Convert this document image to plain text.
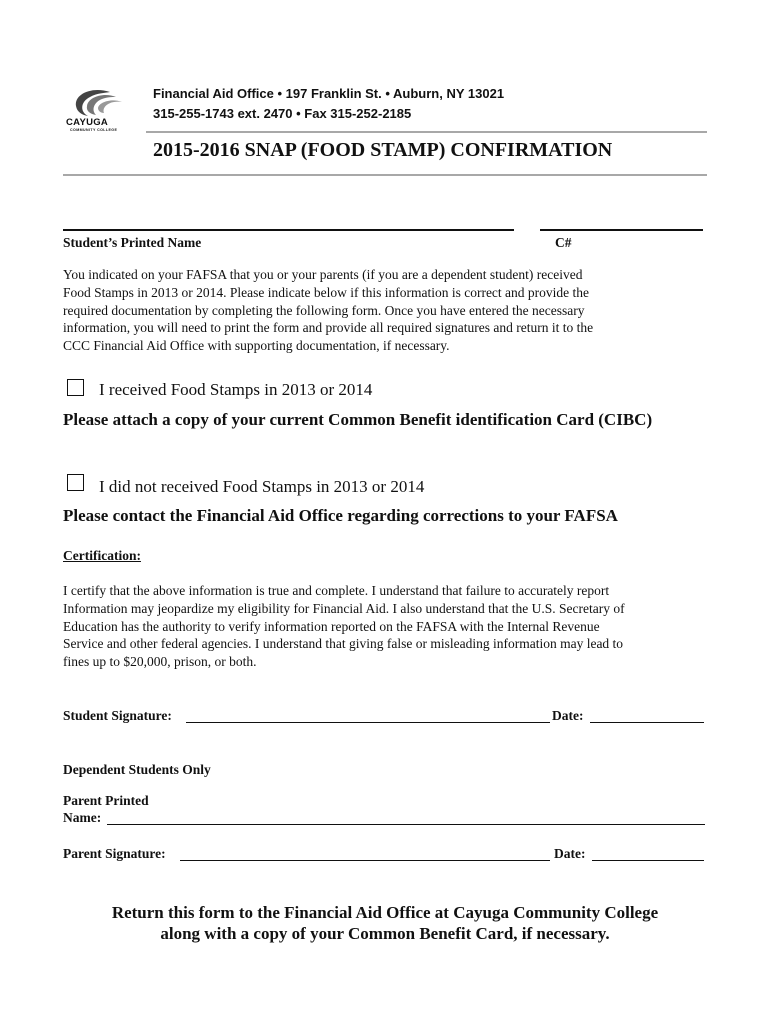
CAYUGA
COMMUNITY COLLEGE
Financial Aid Office • 197 Franklin St. • Auburn, NY 13021
315-255-1743 ext. 2470 • Fax 315-252-2185
2015-2016 SNAP (FOOD STAMP) CONFIRMATION
Student’s Printed Name	C#
You indicated on your FAFSA that you or your parents (if you are a dependent student) received
Food Stamps in 2013 or 2014. Please indicate below if this information is correct and provide the
required documentation by completing the following form. Once you have entered the necessary
information, you will need to print the form and provide all required signatures and return it to the
CCC Financial Aid Office with supporting documentation, if necessary.
I received Food Stamps in 2013 or 2014
Please attach a copy of your current Common Benefit identification Card (CIBC)
I did not received Food Stamps in 2013 or 2014
Please contact the Financial Aid Office regarding corrections to your FAFSA
Certification:
I certify that the above information is true and complete. I understand that failure to accurately report
Information may jeopardize my eligibility for Financial Aid. I also understand that the U.S. Secretary of
Education has the authority to verify information reported on the FAFSA with the Internal Revenue
Service and other federal agencies. I understand that giving false or misleading information may lead to
fines up to $20,000, prison, or both.
Student Signature:	Date:
Dependent Students Only
Parent Printed
Name:
Parent Signature:	Date:
Return this form to the Financial Aid Office at Cayuga Community College
along with a copy of your Common Benefit Card, if necessary.
